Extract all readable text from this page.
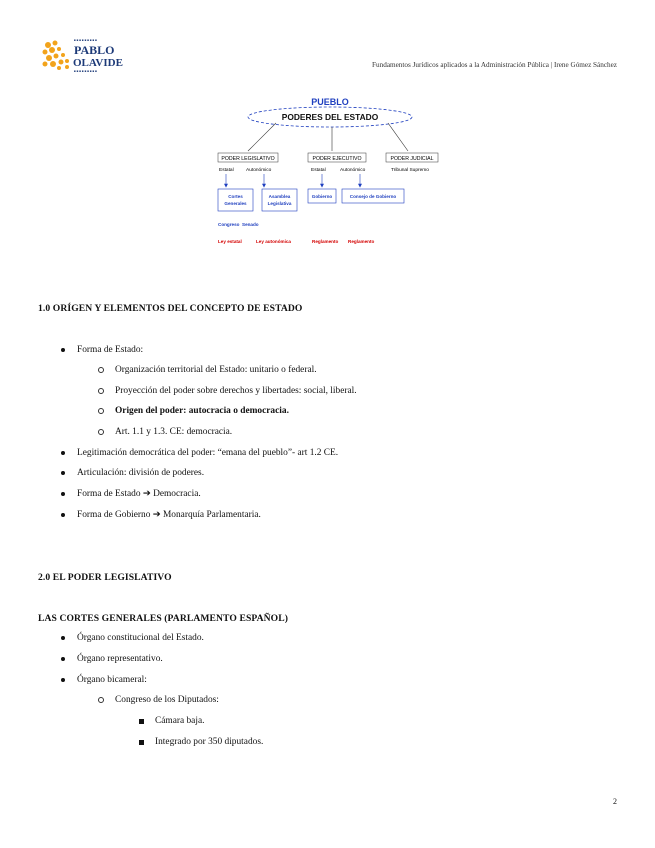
■ ■ ■ ■ ■ ■ ■ ■ ■
PABLO
OLAVIDE
■ ■ ■ ■ ■ ■ ■ ■ ■
Fundamentos Jurídicos aplicados a la Administración Pública | Irene Gómez Sánchez
PUEBLO
PODERES DEL ESTADO
PODER LEGISLATIVO	PODER EJECUTIVO	PODER JUDICIAL
Estatal	Autonómico	Estatal	Autonómico	Tribunal Supremo
Cortes
Generales
Asamblea
Legislativa
Gobierno	Consejo de Gobierno
Congreso Senado
Ley estatal	Ley autonómica	Reglamento Reglamento
1.0 ORÍGEN Y ELEMENTOS DEL CONCEPTO DE ESTADO
Forma de Estado:
Organización territorial del Estado: unitario o federal.
Proyección del poder sobre derechos y libertades: social, liberal.
Origen del poder: autocracia o democracia.
Art. 1.1 y 1.3. CE: democracia.
Legitimación democrática del poder: “emana del pueblo”- art 1.2 CE.
Articulación: división de poderes.
Forma de Estado ➔ Democracia.
Forma de Gobierno ➔ Monarquía Parlamentaria.
2.0 EL PODER LEGISLATIVO
LAS CORTES GENERALES (PARLAMENTO ESPAÑOL)
Órgano constitucional del Estado.
Órgano representativo.
Órgano bicameral:
Congreso de los Diputados:
Cámara baja.
Integrado por 350 diputados.
2
